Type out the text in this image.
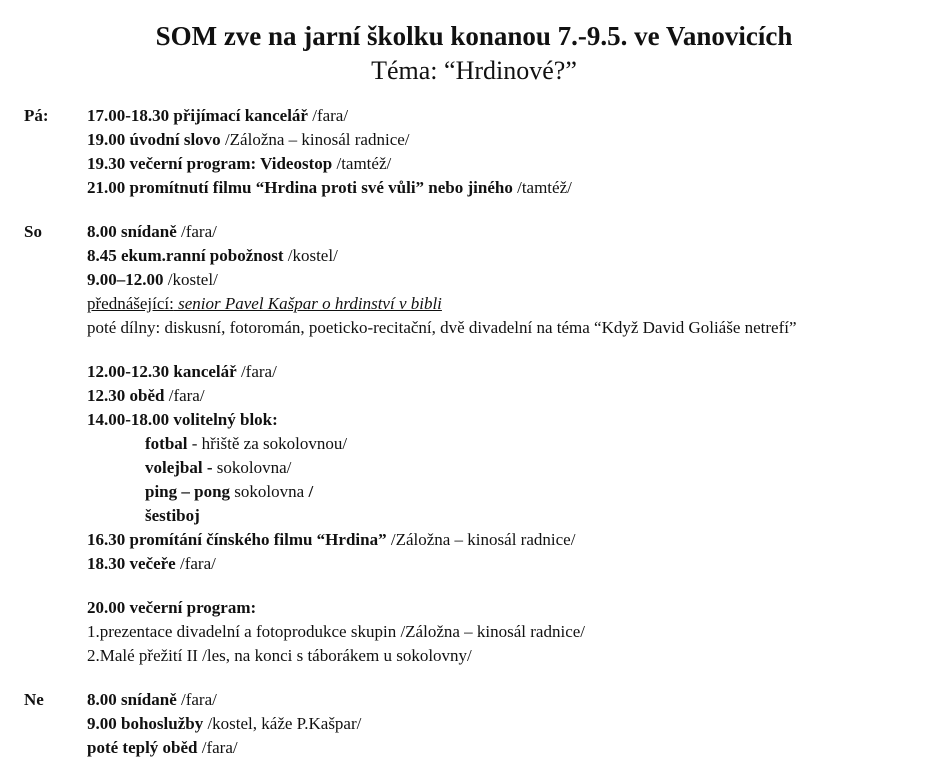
SOM zve na jarní školku konanou 7.-9.5. ve Vanovicích
Téma: “Hrdinové?”
Pá: 17.00-18.30 přijímací kancelář /fara/
19.00 úvodní slovo /Záložna – kinosál radnice/
19.30 večerní program: Videostop /tamtéž/
21.00 promítnutí filmu “Hrdina proti své vůli” nebo jiného /tamtéž/
So	8.00 snídaně /fara/
8.45 ekum.ranní pobožnost /kostel/
9.00–12.00 /kostel/
přednášející: senior Pavel Kašpar o hrdinství v bibli
poté dílny: diskusní, fotoromán, poeticko-recitační, dvě divadelní na téma “Když David Goliáše netrefí”
12.00-12.30 kancelář /fara/
12.30 oběd /fara/
14.00-18.00 volitelný blok:
fotbal - hřiště za sokolovnou/
volejbal - sokolovna/
ping – pong sokolovna /
šestiboj
16.30 promítání čínského filmu “Hrdina” /Záložna – kinosál radnice/
18.30 večeře /fara/
20.00 večerní program:
1.prezentace divadelní a fotoprodukce skupin /Záložna – kinosál radnice/
2.Malé přežití II /les, na konci s táborákem u sokolovny/
Ne	8.00 snídaně /fara/
9.00 bohoslužby /kostel, káže P.Kašpar/
poté teplý oběd /fara/
